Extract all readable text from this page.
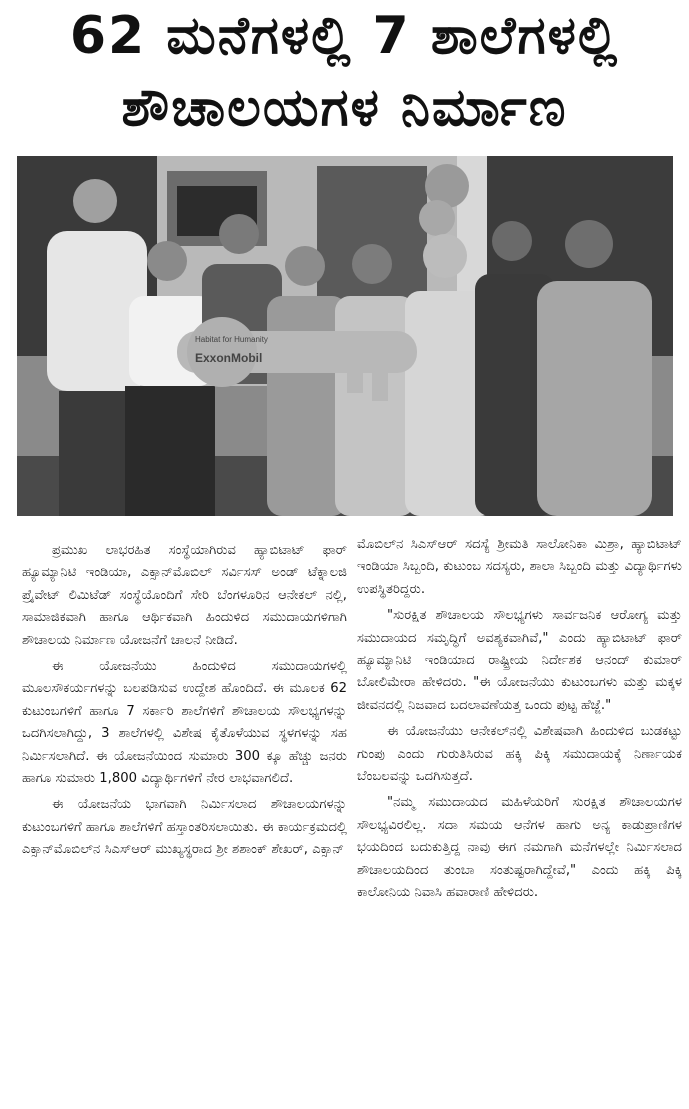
62 ಮನೆಗಳಲ್ಲಿ 7 ಶಾಲೆಗಳಲ್ಲಿ
ಶೌಚಾಲಯಗಳ ನಿರ್ಮಾಣ
Habitat for Humanity
ExxonMobil

ಪ್ರಮುಖ ಲಾಭರಹಿತ ಸಂಸ್ಥೆಯಾಗಿರುವ ಹ್ಯಾಬಿಟಾಟ್ ಫಾರ್ ಹ್ಯೂಮ್ಯಾನಿಟಿ ಇಂಡಿಯಾ, ಎಕ್ಸಾನ್‌ಮೊಬಿಲ್ ಸರ್ವಿಸಸ್ ಅಂಡ್ ಟೆಕ್ನಾಲಜಿ ಪ್ರೈವೇಟ್ ಲಿಮಿಟೆಡ್ ಸಂಸ್ಥೆಯೊಂದಿಗೆ ಸೇರಿ ಬೆಂಗಳೂರಿನ ಆನೇಕಲ್ ನಲ್ಲಿ, ಸಾಮಾಜಿಕವಾಗಿ ಹಾಗೂ ಆರ್ಥಿಕವಾಗಿ ಹಿಂದುಳಿದ ಸಮುದಾಯಗಳಿಗಾಗಿ ಶೌಚಾಲಯ ನಿರ್ಮಾಣ ಯೋಜನೆಗೆ ಚಾಲನೆ ನೀಡಿದೆ.

ಈ ಯೋಜನೆಯು ಹಿಂದುಳಿದ ಸಮುದಾಯಗಳಲ್ಲಿ ಮೂಲಸೌಕರ್ಯಗಳನ್ನು ಬಲಪಡಿಸುವ ಉದ್ದೇಶ ಹೊಂದಿದೆ. ಈ ಮೂಲಕ 62 ಕುಟುಂಬಗಳಿಗೆ ಹಾಗೂ 7 ಸರ್ಕಾರಿ ಶಾಲೆಗಳಿಗೆ ಶೌಚಾಲಯ ಸೌಲಭ್ಯಗಳನ್ನು ಒದಗಿಸಲಾಗಿದ್ದು, 3 ಶಾಲೆಗಳಲ್ಲಿ ವಿಶೇಷ ಕೈತೊಳೆಯುವ ಸ್ಥಳಗಳನ್ನು ಸಹ ನಿರ್ಮಿಸಲಾಗಿದೆ. ಈ ಯೋಜನೆಯಿಂದ ಸುಮಾರು 300 ಕ್ಕೂ ಹೆಚ್ಚು ಜನರು ಹಾಗೂ ಸುಮಾರು 1,800 ವಿದ್ಯಾರ್ಥಿಗಳಿಗೆ ನೇರ ಲಾಭವಾಗಲಿದೆ.

ಈ ಯೋಜನೆಯ ಭಾಗವಾಗಿ ನಿರ್ಮಿಸಲಾದ ಶೌಚಾಲಯಗಳನ್ನು ಕುಟುಂಬಗಳಿಗೆ ಹಾಗೂ ಶಾಲೆಗಳಿಗೆ ಹಸ್ತಾಂತರಿಸಲಾಯಿತು. ಈ ಕಾರ್ಯಕ್ರಮದಲ್ಲಿ ಎಕ್ಸಾನ್‌ಮೊಬಿಲ್‌ನ ಸಿಎಸ್‌ಆರ್ ಮುಖ್ಯಸ್ಥರಾದ ಶ್ರೀ ಶಶಾಂಕ್ ಶೇಖರ್, ಎಕ್ಸಾನ್

ಮೊಬಿಲ್‌ನ ಸಿಎಸ್‌ಆರ್ ಸದಸ್ಯೆ ಶ್ರೀಮತಿ ಸಾಲೋನಿಕಾ ಮಿಶ್ರಾ, ಹ್ಯಾಬಿಟಾಟ್ ಇಂಡಿಯಾ ಸಿಬ್ಬಂದಿ, ಕುಟುಂಬ ಸದಸ್ಯರು, ಶಾಲಾ ಸಿಬ್ಬಂದಿ ಮತ್ತು ವಿದ್ಯಾರ್ಥಿಗಳು ಉಪಸ್ಥಿತರಿದ್ದರು.

"ಸುರಕ್ಷಿತ ಶೌಚಾಲಯ ಸೌಲಭ್ಯಗಳು ಸಾರ್ವಜನಿಕ ಆರೋಗ್ಯ ಮತ್ತು ಸಮುದಾಯದ ಸಮೃದ್ಧಿಗೆ ಅವಶ್ಯಕವಾಗಿವೆ," ಎಂದು ಹ್ಯಾಬಿಟಾಟ್ ಫಾರ್ ಹ್ಯೂಮ್ಯಾನಿಟಿ ಇಂಡಿಯಾದ ರಾಷ್ಟ್ರೀಯ ನಿರ್ದೇಶಕ ಆನಂದ್ ಕುಮಾರ್ ಬೋಲಿಮೇರಾ ಹೇಳಿದರು. "ಈ ಯೋಜನೆಯು ಕುಟುಂಬಗಳು ಮತ್ತು ಮಕ್ಕಳ ಜೀವನದಲ್ಲಿ ನಿಜವಾದ ಬದಲಾವಣೆಯತ್ತ ಒಂದು ಪುಟ್ಟ ಹೆಜ್ಜೆ."

ಈ ಯೋಜನೆಯು ಆನೇಕಲ್‌ನಲ್ಲಿ ವಿಶೇಷವಾಗಿ ಹಿಂದುಳಿದ ಬುಡಕಟ್ಟು ಗುಂಪು ಎಂದು ಗುರುತಿಸಿರುವ ಹಕ್ಕಿ ಪಿಕ್ಕಿ ಸಮುದಾಯಕ್ಕೆ ನಿರ್ಣಾಯಕ ಬೆಂಬಲವನ್ನು ಒದಗಿಸುತ್ತದೆ.

"ನಮ್ಮ ಸಮುದಾಯದ ಮಹಿಳೆಯರಿಗೆ ಸುರಕ್ಷಿತ ಶೌಚಾಲಯಗಳ ಸೌಲಭ್ಯವಿರಲಿಲ್ಲ. ಸದಾ ಸಮಯ ಆನೆಗಳ ಹಾಗು ಅನ್ಯ ಕಾಡುಪ್ರಾಣಿಗಳ ಭಯದಿಂದ ಬದುಕುತ್ತಿದ್ದ ನಾವು ಈಗ ನಮಗಾಗಿ ಮನೆಗಳಲ್ಲೇ ನಿರ್ಮಿಸಲಾದ ಶೌಚಾಲಯದಿಂದ ತುಂಬಾ ಸಂತುಷ್ಟರಾಗಿದ್ದೇವೆ," ಎಂದು ಹಕ್ಕಿ ಪಿಕ್ಕಿ ಕಾಲೋನಿಯ ನಿವಾಸಿ ಹವಾರಾಣಿ ಹೇಳಿದರು.
